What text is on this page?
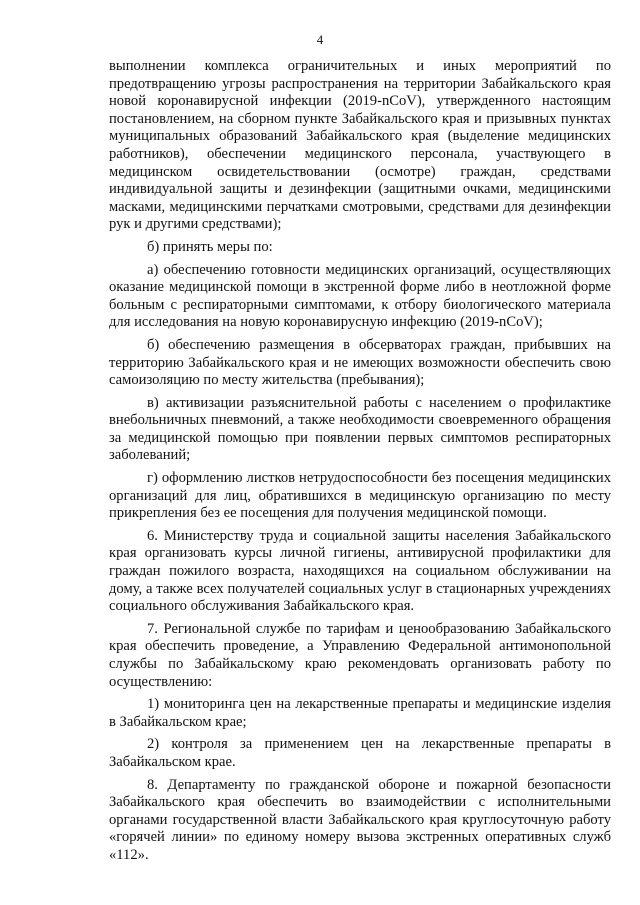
4

выполнении комплекса ограничительных и иных мероприятий по предотвращению угрозы распространения на территории Забайкальского края новой коронавирусной инфекции (2019-nCoV), утвержденного настоящим постановлением, на сборном пункте Забайкальского края и призывных пунктах муниципальных образований Забайкальского края (выделение медицинских работников), обеспечении медицинского персонала, участвующего в медицинском освидетельствовании (осмотре) граждан, средствами индивидуальной защиты и дезинфекции (защитными очками, медицинскими масками, медицинскими перчатками смотровыми, средствами для дезинфекции рук и другими средствами);

б) принять меры по:

а) обеспечению готовности медицинских организаций, осуществляющих оказание медицинской помощи в экстренной форме либо в неотложной форме больным с респираторными симптомами, к отбору биологического материала для исследования на новую коронавирусную инфекцию (2019-nCoV);

б) обеспечению размещения в обсерваторах граждан, прибывших на территорию Забайкальского края и не имеющих возможности обеспечить свою самоизоляцию по месту жительства (пребывания);

в) активизации разъяснительной работы с населением о профилактике внебольничных пневмоний, а также необходимости своевременного обращения за медицинской помощью при появлении первых симптомов респираторных заболеваний;

г) оформлению листков нетрудоспособности без посещения медицинских организаций для лиц, обратившихся в медицинскую организацию по месту прикрепления без ее посещения для получения медицинской помощи.

6. Министерству труда и социальной защиты населения Забайкальского края организовать курсы личной гигиены, антивирусной профилактики для граждан пожилого возраста, находящихся на социальном обслуживании на дому, а также всех получателей социальных услуг в стационарных учреждениях социального обслуживания Забайкальского края.

7. Региональной службе по тарифам и ценообразованию Забайкальского края обеспечить проведение, а Управлению Федеральной антимонопольной службы по Забайкальскому краю рекомендовать организовать работу по осуществлению:

1) мониторинга цен на лекарственные препараты и медицинские изделия в Забайкальском крае;

2) контроля за применением цен на лекарственные препараты в Забайкальском крае.

8. Департаменту по гражданской обороне и пожарной безопасности Забайкальского края обеспечить во взаимодействии с исполнительными органами государственной власти Забайкальского края круглосуточную работу «горячей линии» по единому номеру вызова экстренных оперативных служб «112».
